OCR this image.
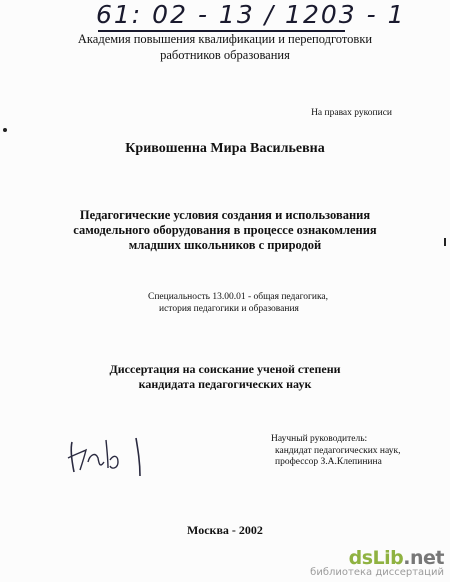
61: 02 - 13 / 1203 - 1
Академия повышения квалификации и переподготовки
работников образования
На правах рукописи
Кривошенна Мира Васильевна
Педагогические условия создания и использования
самодельного оборудования в процессе ознакомления
младших школьников с природой
Специальность 13.00.01 - общая педагогика,
история педагогики и образования
Диссертация на соискание ученой степени
кандидата педагогических наук
Научный руководитель:
кандидат педагогических наук,
профессор З.А.Клепинина
Москва - 2002
dsLib.net
библиотека диссертаций
